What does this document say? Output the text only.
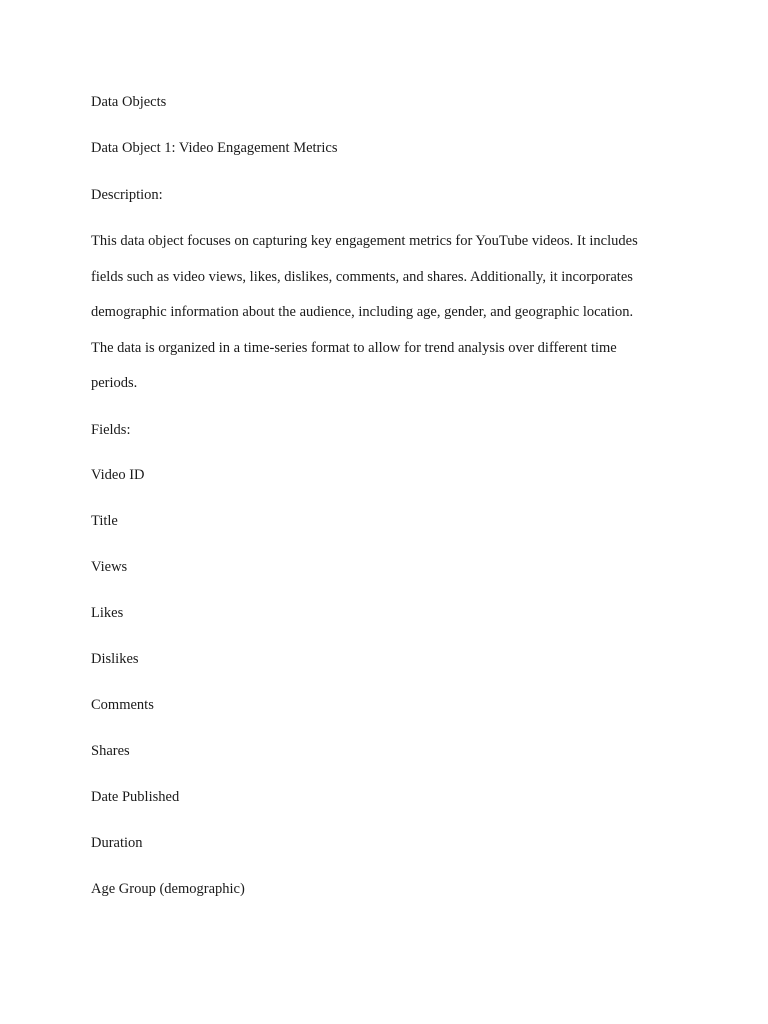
Data Objects
Data Object 1: Video Engagement Metrics

Description:

This data object focuses on capturing key engagement metrics for YouTube videos. It includes

fields such as video views, likes, dislikes, comments, and shares. Additionally, it incorporates

demographic information about the audience, including age, gender, and geographic location.

The data is organized in a time-series format to allow for trend analysis over different time

periods.

Fields:

Video ID

Title

Views

Likes

Dislikes

Comments

Shares

Date Published

Duration

Age Group (demographic)
